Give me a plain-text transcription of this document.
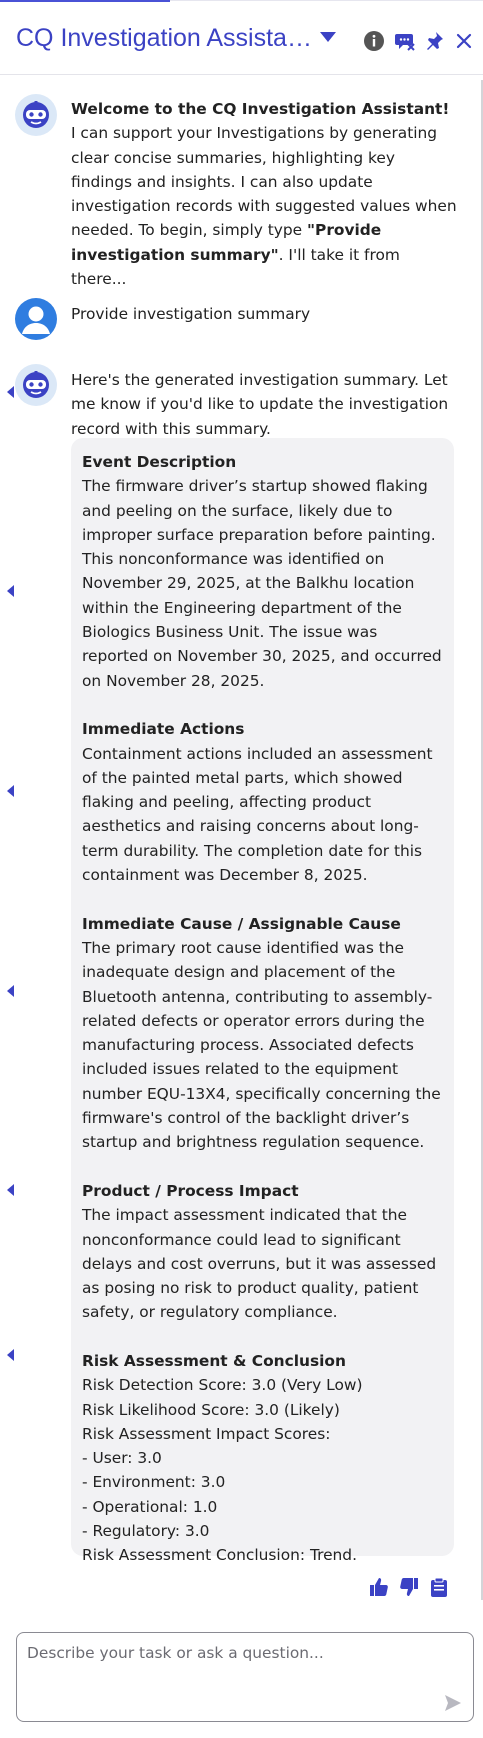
CQ Investigation Assista…
Welcome to the CQ Investigation Assistant!
I can support your Investigations by generating clear concise summaries, highlighting key findings and insights. I can also update investigation records with suggested values when needed. To begin, simply type "Provide investigation summary". I'll take it from there...
Provide investigation summary
Here's the generated investigation summary. Let me know if you'd like to update the investigation record with this summary.
Event Description
The firmware driver’s startup showed flaking and peeling on the surface, likely due to improper surface preparation before painting. This nonconformance was identified on November 29, 2025, at the Balkhu location within the Engineering department of the Biologics Business Unit. The issue was reported on November 30, 2025, and occurred on November 28, 2025.
Immediate Actions
Containment actions included an assessment of the painted metal parts, which showed flaking and peeling, affecting product aesthetics and raising concerns about long-term durability. The completion date for this containment was December 8, 2025.
Immediate Cause / Assignable Cause
The primary root cause identified was the inadequate design and placement of the Bluetooth antenna, contributing to assembly-related defects or operator errors during the manufacturing process. Associated defects included issues related to the equipment number EQU-13X4, specifically concerning the firmware's control of the backlight driver’s startup and brightness regulation sequence.
Product / Process Impact
The impact assessment indicated that the nonconformance could lead to significant delays and cost overruns, but it was assessed as posing no risk to product quality, patient safety, or regulatory compliance.
Risk Assessment & Conclusion
Risk Detection Score: 3.0 (Very Low)
Risk Likelihood Score: 3.0 (Likely)
Risk Assessment Impact Scores:
- User: 3.0
- Environment: 3.0
- Operational: 1.0
- Regulatory: 3.0
Risk Assessment Conclusion: Trend.
Describe your task or ask a question...
